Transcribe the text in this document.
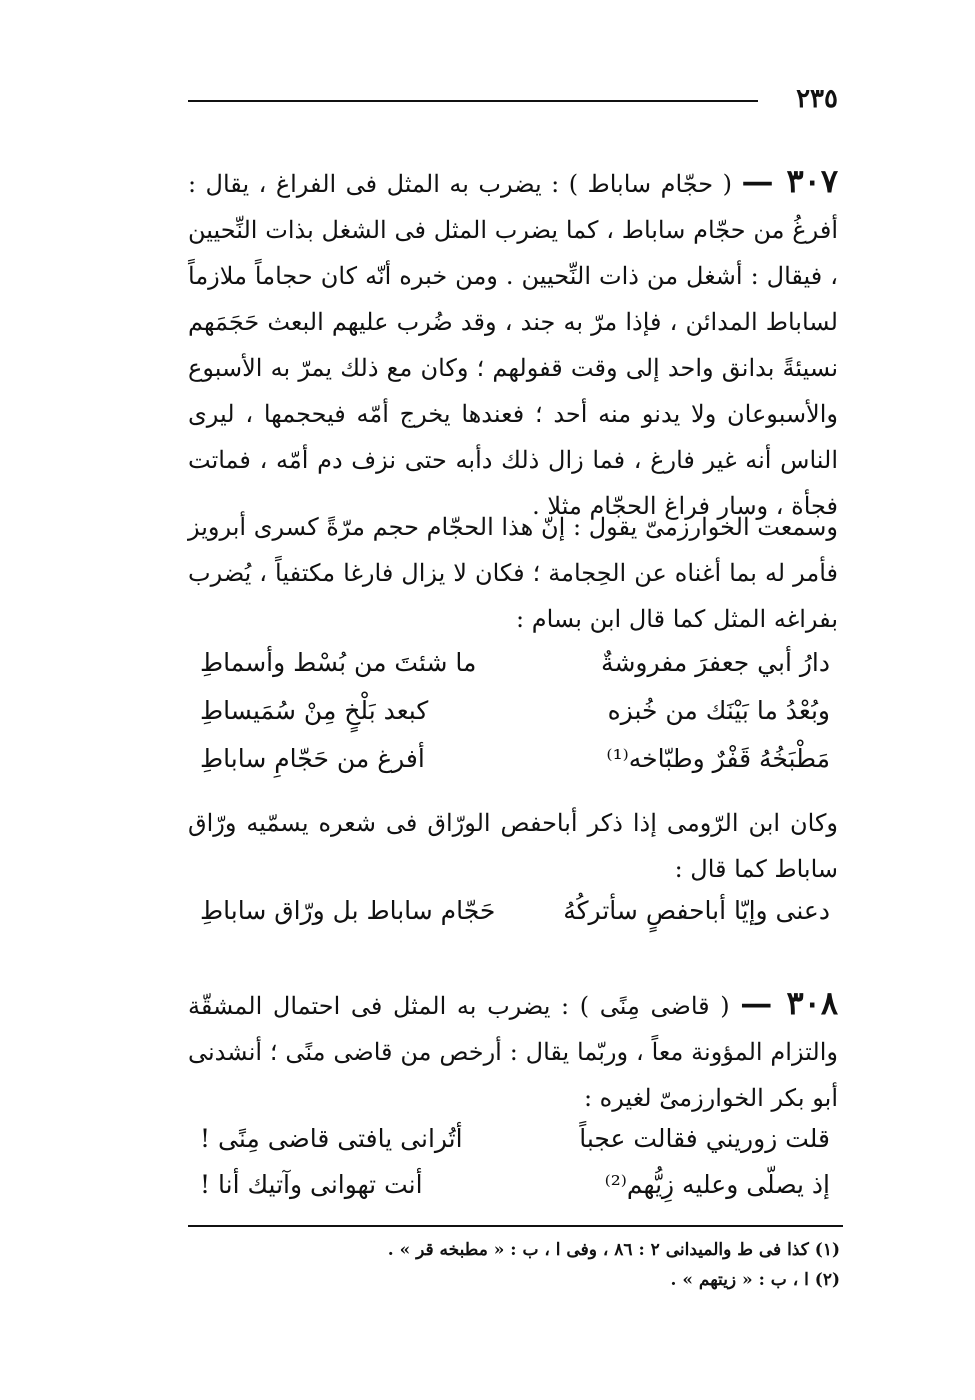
٢٣٥
٣٠٧ — ( حجّام ساباط ) : يضرب به المثل فى الفراغ ، يقال : أفرغُ من حجّام ساباط ، كما يضرب المثل فى الشغل بذات النِّحيين ، فيقال : أشغل من ذات النِّحيين . ومن خبره أنّه كان حجاماً ملازماً لساباط المدائن ، فإذا مرّ به جند ، وقد ضُرب عليهم البعث حَجَمَهم نسيئةً بدانق واحد إلى وقت قفولهم ؛ وكان مع ذلك يمرّ به الأسبوع والأسبوعان ولا يدنو منه أحد ؛ فعندها يخرج أمّه فيحجمها ، ليرى الناس أنه غير فارغ ، فما زال ذلك دأبه حتى نزف دم أمّه ، فماتت فجأة ، وسار فراغ الحجّام مثلا .
وسمعت الخوارزمىّ يقول : إنّ هذا الحجّام حجم مرّةً كسرى أبرويز فأمر له بما أغناه عن الحِجامة ؛ فكان لا يزال فارغا مكتفياً ، يُضرب بفراغه المثل كما قال ابن بسام :
دارُ أبي جعفرَ مفروشةٌ
ما شئتَ من بُسْط وأسماطِ
وبُعْدُ ما بَيْنَك من خُبزه
كبعد بَلْخٍ مِنْ سُمَيساطِ
مَطْبَخُهُ قَفْرٌ وطبّاخه⁽¹⁾
أفرغ من حَجّامِ ساباطِ
وكان ابن الرّومى إذا ذكر أباحفص الورّاق فى شعره يسمّيه ورّاق ساباط كما قال :
دعنى وإيّا أباحفصٍ سأتركُهُ
حَجّام ساباط بل ورّاق ساباطِ
٣٠٨ — ( قاضى مِنًى ) : يضرب به المثل فى احتمال المشقّة والتزام المؤونة معاً ، وربّما يقال : أرخص من قاضى منًى ؛ أنشدنى أبو بكر الخوارزمىّ لغيره :
قلت زوريني فقالت عجباً
أتُرانى يافتى قاضى مِنًى !
إذ يصلّى وعليه زِيُّهم⁽²⁾
أنت تهوانى وآتيك أنا !
(١) كذا فى ط والميدانى ٢ : ٨٦ ، وفى ا ، ب : « مطبخه قر » .
(٢) ا ، ب : « زيتهم » .
